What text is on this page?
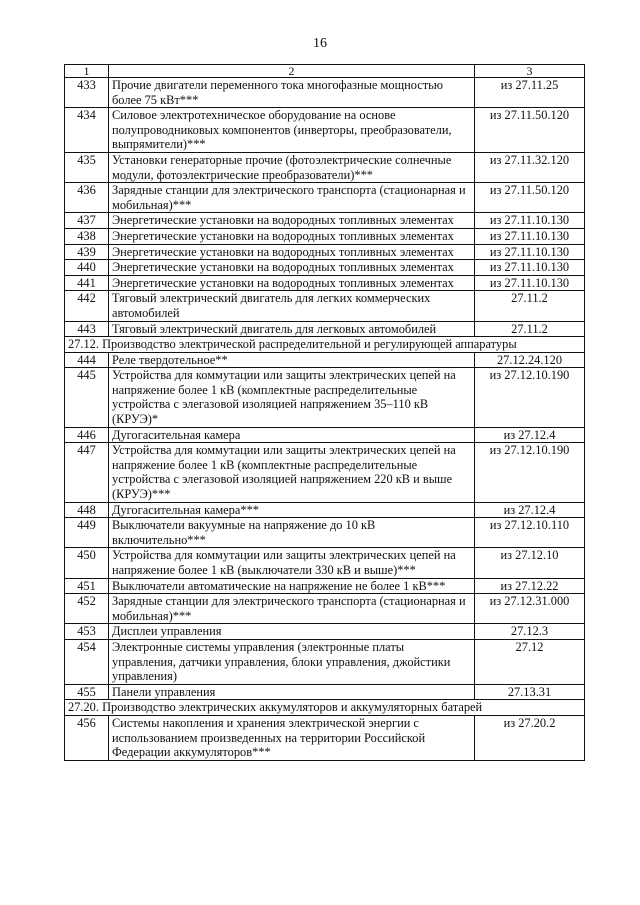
16
1	2	3
433	Прочие двигатели переменного тока многофазные мощностью более 75 кВт***	из 27.11.25
434	Силовое электротехническое оборудование на основе полупроводниковых компонентов (инверторы, преобразователи, выпрямители)***	из 27.11.50.120
435	Установки генераторные прочие (фотоэлектрические солнечные модули, фотоэлектрические преобразователи)***	из 27.11.32.120
436	Зарядные станции для электрического транспорта (стационарная и мобильная)***	из 27.11.50.120
437	Энергетические установки на водородных топливных элементах	из 27.11.10.130
438	Энергетические установки на водородных топливных элементах	из 27.11.10.130
439	Энергетические установки на водородных топливных элементах	из 27.11.10.130
440	Энергетические установки на водородных топливных элементах	из 27.11.10.130
441	Энергетические установки на водородных топливных элементах	из 27.11.10.130
442	Тяговый электрический двигатель для легких коммерческих автомобилей	27.11.2
443	Тяговый электрический двигатель для легковых автомобилей	27.11.2
27.12. Производство электрической распределительной и регулирующей аппаратуры		
444	Реле твердотельное**	27.12.24.120
445	Устройства для коммутации или защиты электрических цепей на напряжение более 1 кВ (комплектные распределительные устройства с элегазовой изоляцией напряжением 35–110 кВ (КРУЭ)*	из 27.12.10.190
446	Дугогасительная камера	из 27.12.4
447	Устройства для коммутации или защиты электрических цепей на напряжение более 1 кВ (комплектные распределительные устройства с элегазовой изоляцией напряжением 220 кВ и выше (КРУЭ)***	из 27.12.10.190
448	Дугогасительная камера***	из 27.12.4
449	Выключатели вакуумные на напряжение до 10 кВ включительно***	из 27.12.10.110
450	Устройства для коммутации или защиты электрических цепей на напряжение более 1 кВ (выключатели 330 кВ и выше)***	из 27.12.10
451	Выключатели автоматические на напряжение не более 1 кВ***	из 27.12.22
452	Зарядные станции для электрического транспорта (стационарная и мобильная)***	из 27.12.31.000
453	Дисплеи управления	27.12.3
454	Электронные системы управления (электронные платы управления, датчики управления, блоки управления, джойстики управления)	27.12
455	Панели управления	27.13.31
27.20. Производство электрических аккумуляторов и аккумуляторных батарей		
456	Системы накопления и хранения электрической энергии с использованием произведенных на территории Российской Федерации аккумуляторов***	из 27.20.2
